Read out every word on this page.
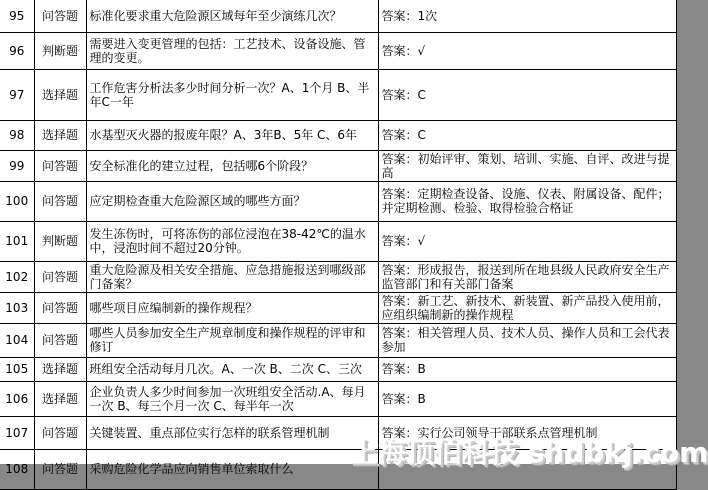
95	问答题	标准化要求重大危险源区域每年至少演练几次？	答案：1次
96	判断题	需要进入变更管理的包括：工艺技术、设备设施、管理的变更。	答案：√
97	选择题	工作危害分析法多少时间分析一次？A、1个月 B、半年C一年	答案：C
98	选择题	水基型灭火器的报废年限？A、3年B、5年 C、6年	答案：C
99	问答题	安全标准化的建立过程，包括哪6个阶段？	答案：初始评审、策划、培训、实施、自评、改进与提高
100	问答题	应定期检查重大危险源区域的哪些方面？	答案：定期检查设备、设施、仪表、附属设备、配件；并定期检测、检验、取得检验合格证
101	判断题	发生冻伤时，可将冻伤的部位浸泡在38-42℃的温水中，浸泡时间不超过20分钟。	答案：√
102	问答题	重大危险源及相关安全措施、应急措施报送到哪级部门备案？	答案：形成报告，报送到所在地县级人民政府安全生产监管部门和有关部门备案
103	问答题	哪些项目应编制新的操作规程？	答案：新工艺、新技术、新装置、新产品投入使用前，应组织编制新的操作规程
104	问答题	哪些人员参加安全生产规章制度和操作规程的评审和修订	答案：相关管理人员、技术人员、操作人员和工会代表参加
105	选择题	班组安全活动每月几次。A、一次 B、二次 C、三次	答案：B
106	选择题	企业负责人多少时间参加一次班组安全活动.A、每月一次 B、每三个月一次 C、每半年一次	答案：B
107	问答题	关键装置、重点部位实行怎样的联系管理机制	答案：实行公司领导干部联系点管理机制
108	问答题	采购危险化学品应向销售单位索取什么	上海顶伯科技 shdbkj.com
